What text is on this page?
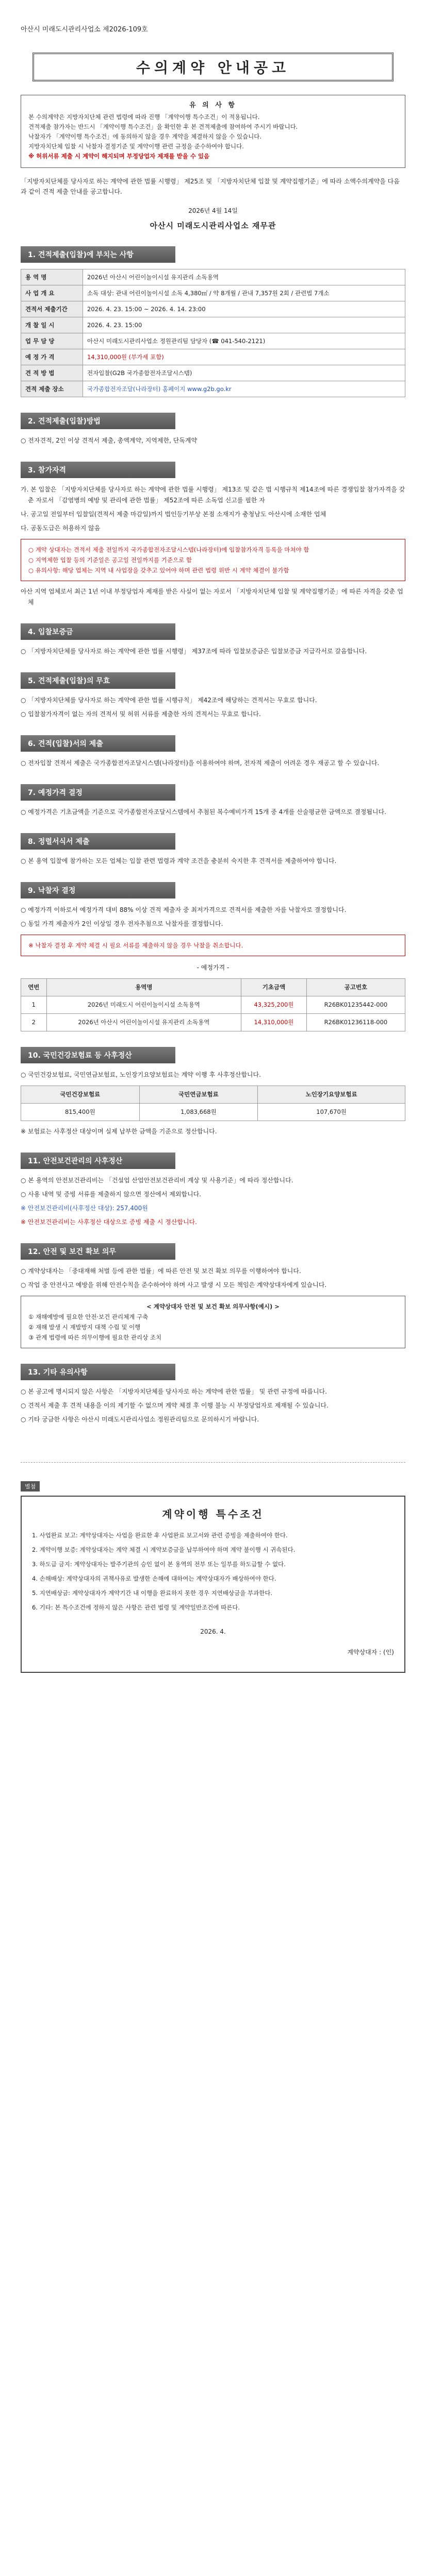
아산시 미래도시관리사업소 제2026-109호
수의계약 안내공고
유 의 사 항

본 수의계약은 지방자치단체 관련 법령에 따라 진행 「계약이행 특수조건」이 적용됩니다.

견적제출 참가자는 반드시 「계약이행 특수조건」을 확인한 후 본 견적제출에 참여하여 주시기 바랍니다.

낙찰자가 「계약이행 특수조건」에 동의하지 않을 경우 계약을 체결하지 않을 수 있습니다.

지방자치단체 입찰 시 낙찰자 결정기준 및 계약이행 관련 규정을 준수하여야 합니다.

※ 허위서류 제출 시 계약이 해지되며 부정당업자 제재를 받을 수 있음

「지방자치단체를 당사자로 하는 계약에 관한 법률 시행령」 제25조 및 「지방자치단체 입찰 및 계약집행기준」에 따라 소액수의계약을 다음과 같이 견적 제출 안내를 공고합니다.
2026년 4월 14일
아산시 미래도시관리사업소 재무관
1. 견적제출(입찰)에 부치는 사항
용 역 명	2026년 아산시 어린이놀이시설 유지관리 소독용역
사 업 개 요	소독 대상: 관내 어린이놀이시설 소독 4,380㎡ / 약 8개월 / 관내 7,357원 2회 / 관련법 7개소
견적서 제출기간	2026. 4. 23. 15:00 ~ 2026. 4. 14. 23:00
개 찰 일 시	2026. 4. 23. 15:00
업 무 담 당	아산시 미래도시관리사업소 정원관리팀 담당자 (☎ 041-540-2121)
예 정 가 격	14,310,000원 (부가세 포함)
견 적 방 법	전자입찰(G2B 국가종합전자조달시스템)
견적 제출 장소	국가종합전자조달(나라장터) 홈페이지 www.g2b.go.kr
2. 견적제출(입찰)방법

○ 전자견적, 2인 이상 견적서 제출, 총액계약, 지역제한, 단독계약

3. 참가자격

가. 본 입찰은 「지방자치단체를 당사자로 하는 계약에 관한 법률 시행령」 제13조 및 같은 법 시행규칙 제14조에 따른 경쟁입찰 참가자격을 갖춘 자로서 「감염병의 예방 및 관리에 관한 법률」 제52조에 따른 소독업 신고를 필한 자

나. 공고일 전일부터 입찰일(견적서 제출 마감일)까지 법인등기부상 본점 소재지가 충청남도 아산시에 소재한 업체

다. 공동도급은 허용하지 않음

○ 계약 상대자는 견적서 제출 전일까지 국가종합전자조달시스템(나라장터)에 입찰참가자격 등록을 마쳐야 함
○ 지역제한 입찰 등의 기준일은 공고일 전일까지를 기준으로 함
○ 유의사항: 해당 업체는 지역 내 사업장을 갖추고 있어야 하며 관련 법령 위반 시 계약 체결이 불가함

아산 지역 업체로서 최근 1년 이내 부정당업자 제재를 받은 사실이 없는 자로서 「지방자치단체 입찰 및 계약집행기준」에 따른 자격을 갖춘 업체

4. 입찰보증금

○ 「지방자치단체를 당사자로 하는 계약에 관한 법률 시행령」 제37조에 따라 입찰보증금은 입찰보증금 지급각서로 갈음합니다.

5. 견적제출(입찰)의 무효

○ 「지방자치단체를 당사자로 하는 계약에 관한 법률 시행규칙」 제42조에 해당하는 견적서는 무효로 합니다.

○ 입찰참가자격이 없는 자의 견적서 및 허위 서류를 제출한 자의 견적서는 무효로 합니다.

6. 견적(입찰)서의 제출

○ 전자입찰 견적서 제출은 국가종합전자조달시스템(나라장터)을 이용하여야 하며, 전자적 제출이 어려운 경우 재공고 할 수 있습니다.

7. 예정가격 결정

○ 예정가격은 기초금액을 기준으로 국가종합전자조달시스템에서 추첨된 복수예비가격 15개 중 4개를 산술평균한 금액으로 결정됩니다.

8. 정렬서식서 제출

○ 본 용역 입찰에 참가하는 모든 업체는 입찰 관련 법령과 계약 조건을 충분히 숙지한 후 견적서를 제출하여야 합니다.

9. 낙찰자 결정

○ 예정가격 이하로서 예정가격 대비 88% 이상 견적 제출자 중 최저가격으로 견적서를 제출한 자를 낙찰자로 결정합니다.

○ 동일 가격 제출자가 2인 이상일 경우 전자추첨으로 낙찰자를 결정합니다.

※ 낙찰자 결정 후 계약 체결 시 필요 서류를 제출하지 않을 경우 낙찰을 취소합니다.
- 예정가격 -
연번	용역명	기초금액	공고번호
1	2026년 미래도시 어린이놀이시설 소독용역	43,325,200원	R26BK01235442-000
2	2026년 아산시 어린이놀이시설 유지관리 소독용역	14,310,000원	R26BK01236118-000
10. 국민건강보험료 등 사후정산

○ 국민건강보험료, 국민연금보험료, 노인장기요양보험료는 계약 이행 후 사후정산합니다.

국민건강보험료	국민연금보험료	노인장기요양보험료
815,400원	1,083,668원	107,670원

※ 보험료는 사후정산 대상이며 실제 납부한 금액을 기준으로 정산합니다.

11. 안전보건관리의 사후정산

○ 본 용역의 안전보건관리비는 「건설업 산업안전보건관리비 계상 및 사용기준」에 따라 정산합니다.

○ 사용 내역 및 증빙 서류를 제출하지 않으면 정산에서 제외합니다.

※ 안전보건관리비(사후정산 대상): 257,400원

※ 안전보건관리비는 사후정산 대상으로 증빙 제출 시 정산합니다.

12. 안전 및 보건 확보 의무

○ 계약상대자는 「중대재해 처벌 등에 관한 법률」에 따른 안전 및 보건 확보 의무를 이행하여야 합니다.

○ 작업 중 안전사고 예방을 위해 안전수칙을 준수하여야 하며 사고 발생 시 모든 책임은 계약상대자에게 있습니다.

< 계약상대자 안전 및 보건 확보 의무사항(예시) >
① 재해예방에 필요한 안전·보건 관리체계 구축
② 재해 발생 시 재발방지 대책 수립 및 이행
③ 관계 법령에 따른 의무이행에 필요한 관리상 조치
13. 기타 유의사항

○ 본 공고에 명시되지 않은 사항은 「지방자치단체를 당사자로 하는 계약에 관한 법률」 및 관련 규정에 따릅니다.

○ 견적서 제출 후 견적 내용을 이의 제기할 수 없으며 계약 체결 후 이행 불능 시 부정당업자로 제재될 수 있습니다.

○ 기타 궁금한 사항은 아산시 미래도시관리사업소 정원관리팀으로 문의하시기 바랍니다.

별첨
계약이행 특수조건

1. 사업완료 보고: 계약상대자는 사업을 완료한 후 사업완료 보고서와 관련 증빙을 제출하여야 한다.

2. 계약이행 보증: 계약상대자는 계약 체결 시 계약보증금을 납부하여야 하며 계약 불이행 시 귀속된다.

3. 하도급 금지: 계약상대자는 발주기관의 승인 없이 본 용역의 전부 또는 일부를 하도급할 수 없다.

4. 손해배상: 계약상대자의 귀책사유로 발생한 손해에 대하여는 계약상대자가 배상하여야 한다.

5. 지연배상금: 계약상대자가 계약기간 내 이행을 완료하지 못한 경우 지연배상금을 부과한다.

6. 기타: 본 특수조건에 정하지 않은 사항은 관련 법령 및 계약일반조건에 따른다.

2026. 4.
계약상대자 : (인)
